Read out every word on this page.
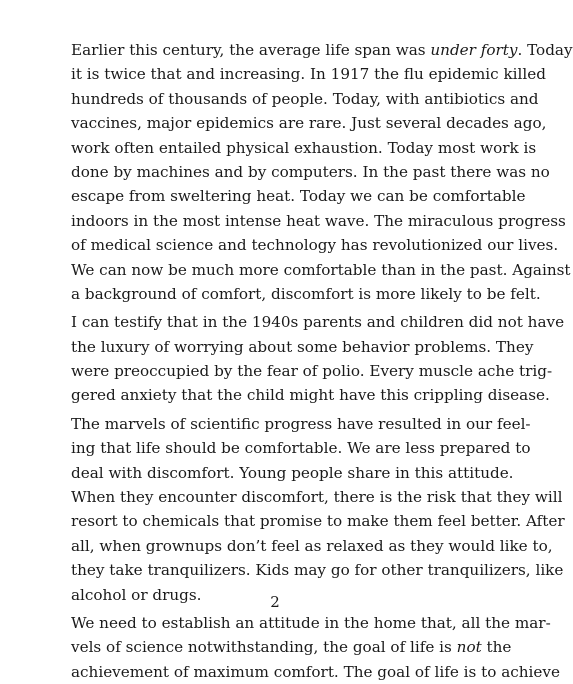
Earlier this century, the average life span was under forty. Today
it is twice that and increasing. In 1917 the flu epidemic killed
hundreds of thousands of people. Today, with antibiotics and
vaccines, major epidemics are rare. Just several decades ago,
work often entailed physical exhaustion. Today most work is
done by machines and by computers. In the past there was no
escape from sweltering heat. Today we can be comfortable
indoors in the most intense heat wave. The miraculous progress
of medical science and technology has revolutionized our lives.
We can now be much more comfortable than in the past. Against
a background of comfort, discomfort is more likely to be felt.
I can testify that in the 1940s parents and children did not have
the luxury of worrying about some behavior problems. They
were preoccupied by the fear of polio. Every muscle ache trig-
gered anxiety that the child might have this crippling disease.
The marvels of scientific progress have resulted in our feel-
ing that life should be comfortable. We are less prepared to
deal with discomfort. Young people share in this attitude.
When they encounter discomfort, there is the risk that they will
resort to chemicals that promise to make them feel better. After
all, when grownups don’t feel as relaxed as they would like to,
they take tranquilizers. Kids may go for other tranquilizers, like
alcohol or drugs.
We need to establish an attitude in the home that, all the mar-
vels of science notwithstanding, the goal of life is not the
achievement of maximum comfort. The goal of life is to achieve
2
